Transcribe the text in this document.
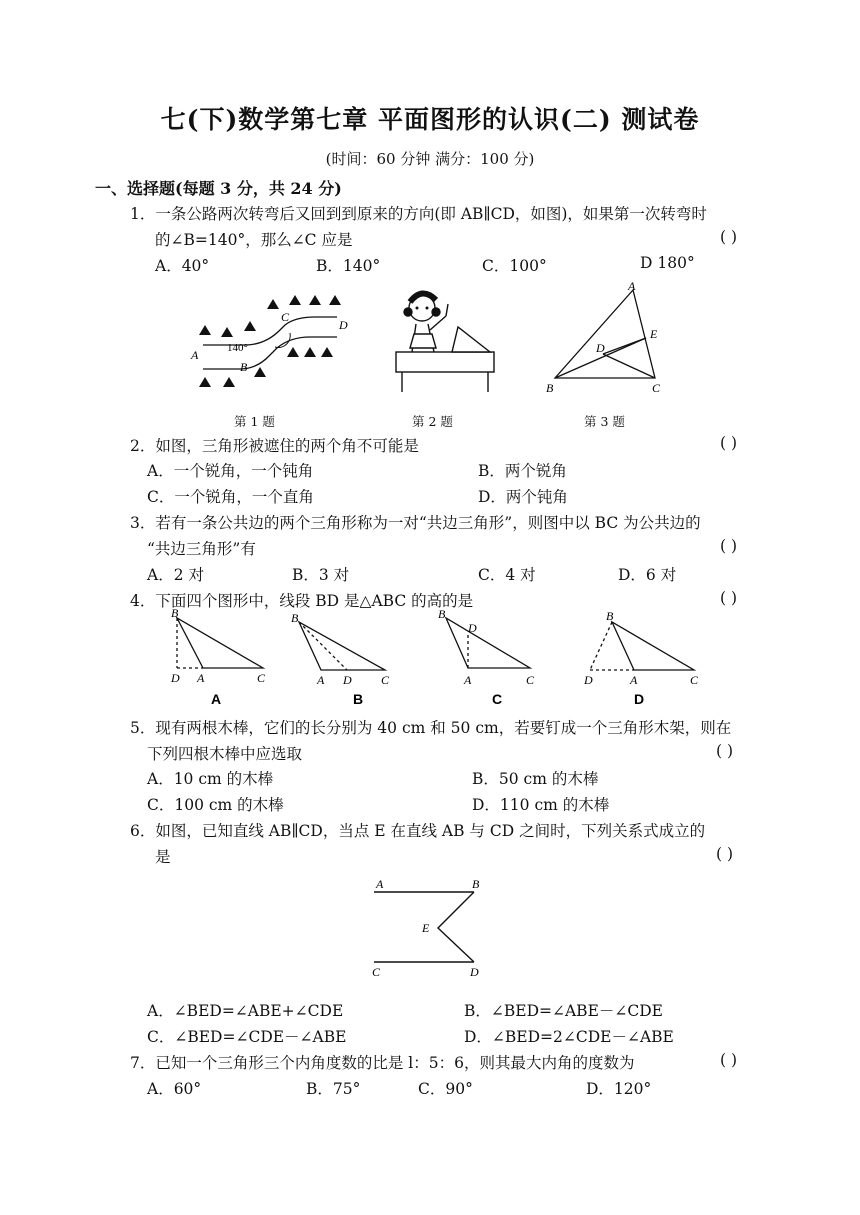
七(下)数学第七章 平面图形的认识(二) 测试卷
(时间：60 分钟 满分：100 分)
一、选择题(每题 3 分，共 24 分)
1．一条公路两次转弯后又回到到原来的方向(即 AB∥CD，如图)，如果第一次转弯时
的∠B=140°，那么∠C 应是	( )
A．40°	B．140°	C．100°	D 180°
A
B
C
D
140°
A
B	C
D
E
第 1 题	第 2 题	第 3 题
2．如图，三角形被遮住的两个角不可能是	( )
A．一个锐角，一个钝角	B．两个锐角
C．一个锐角，一个直角	D．两个钝角
3．若有一条公共边的两个三角形称为一对“共边三角形”，则图中以 BC 为公共边的
“共边三角形”有	( )
A．2 对	B．3 对	C．4 对	D．6 对
4．下面四个图形中，线段 BD 是△ABC 的高的是	( )
B
D A	C
A
B
A D C
B
B
D
A	C
C
B
D	A	C
D
5．现有两根木棒，它们的长分别为 40 cm 和 50 cm，若要钉成一个三角形木架，则在
下列四根木棒中应选取	( )
A．10 cm 的木棒	B．50 cm 的木棒
C．100 cm 的木棒	D．110 cm 的木棒
6．如图，已知直线 AB∥CD，当点 E 在直线 AB 与 CD 之间时，下列关系式成立的
是	( )
A	B
C	D
E
A．∠BED=∠ABE+∠CDE	B．∠BED=∠ABE－∠CDE
C．∠BED=∠CDE－∠ABE	D．∠BED=2∠CDE－∠ABE
7．已知一个三角形三个内角度数的比是 l：5：6，则其最大内角的度数为	( )
A．60°	B．75°	C．90°	D．120°
